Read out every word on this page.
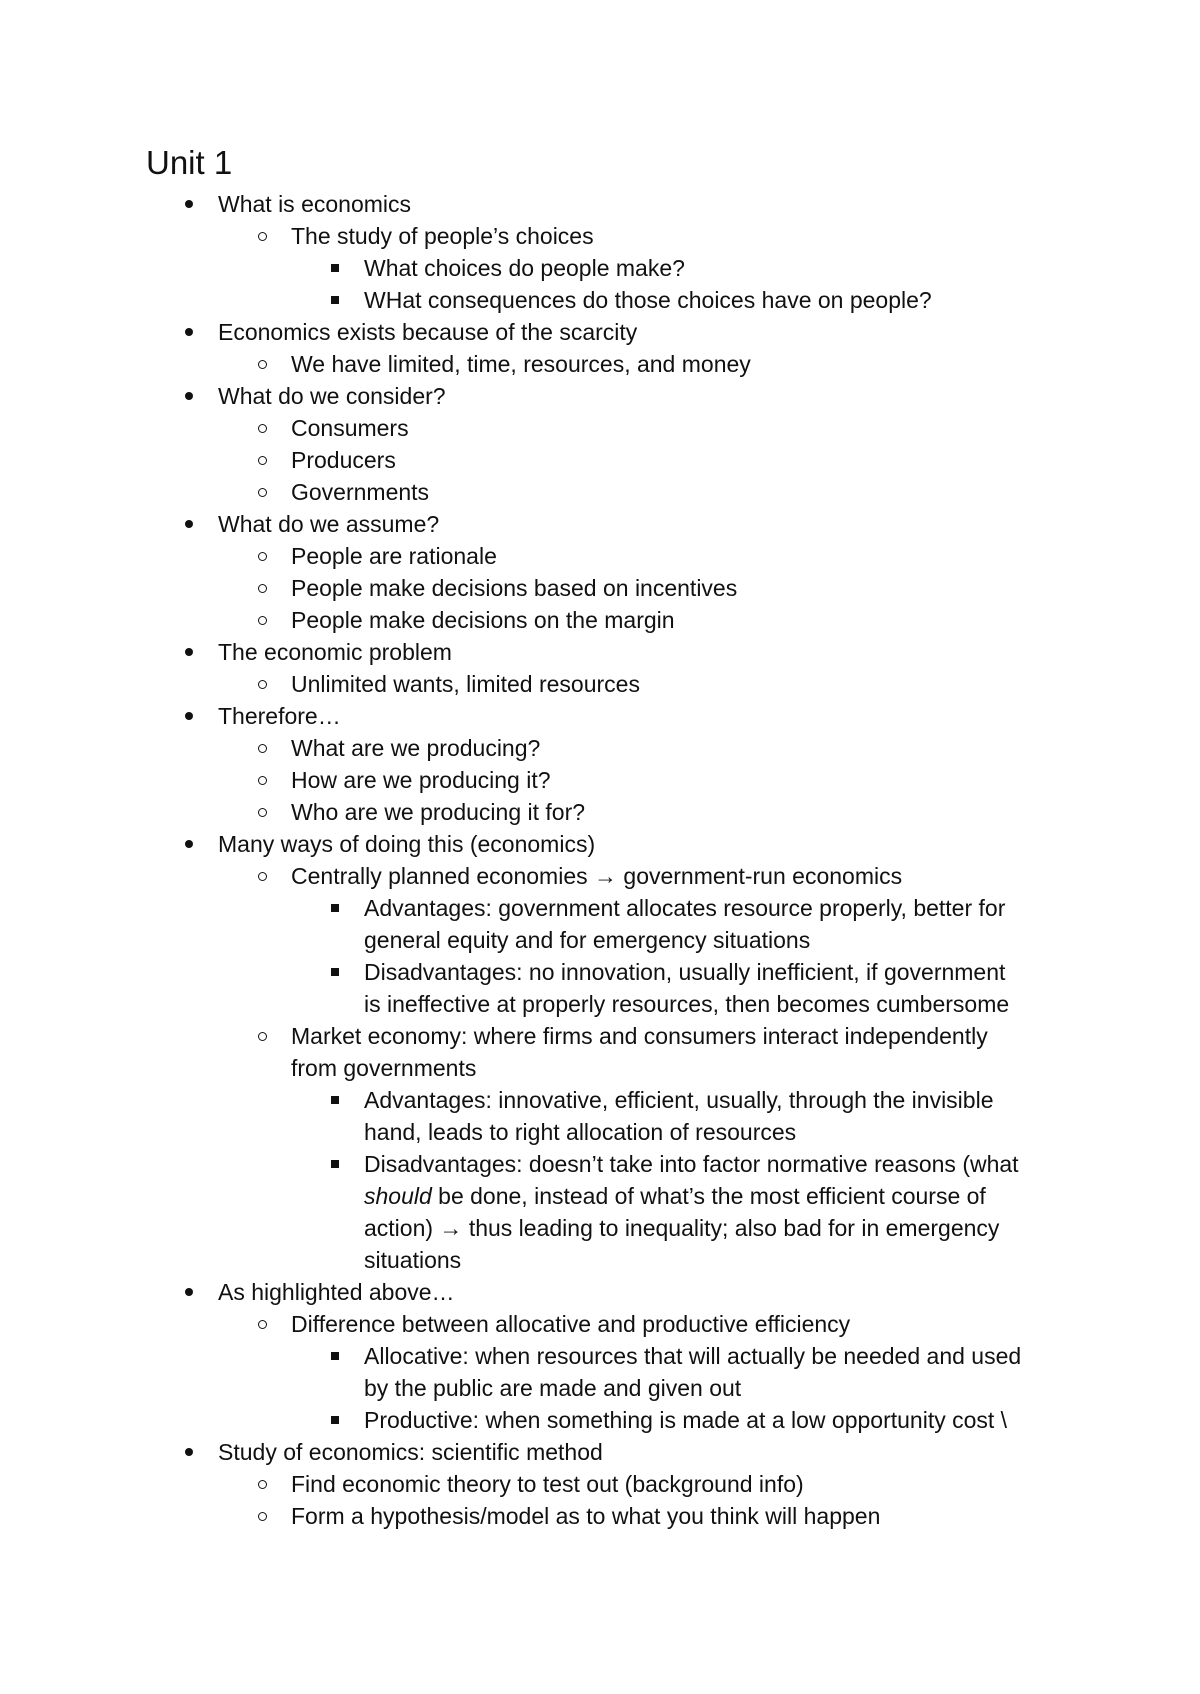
Unit 1
What is economics
The study of people’s choices
What choices do people make?
WHat consequences do those choices have on people?
Economics exists because of the scarcity
We have limited, time, resources, and money
What do we consider?
Consumers
Producers
Governments
What do we assume?
People are rationale
People make decisions based on incentives
People make decisions on the margin
The economic problem
Unlimited wants, limited resources
Therefore…
What are we producing?
How are we producing it?
Who are we producing it for?
Many ways of doing this (economics)
Centrally planned economies → government-run economics
Advantages: government allocates resource properly, better for
general equity and for emergency situations
Disadvantages: no innovation, usually inefficient, if government
is ineffective at properly resources, then becomes cumbersome
Market economy: where firms and consumers interact independently
from governments
Advantages: innovative, efficient, usually, through the invisible
hand, leads to right allocation of resources
Disadvantages: doesn’t take into factor normative reasons (what
should be done, instead of what’s the most efficient course of
action) → thus leading to inequality; also bad for in emergency
situations
As highlighted above…
Difference between allocative and productive efficiency
Allocative: when resources that will actually be needed and used
by the public are made and given out
Productive: when something is made at a low opportunity cost \
Study of economics: scientific method
Find economic theory to test out (background info)
Form a hypothesis/model as to what you think will happen
